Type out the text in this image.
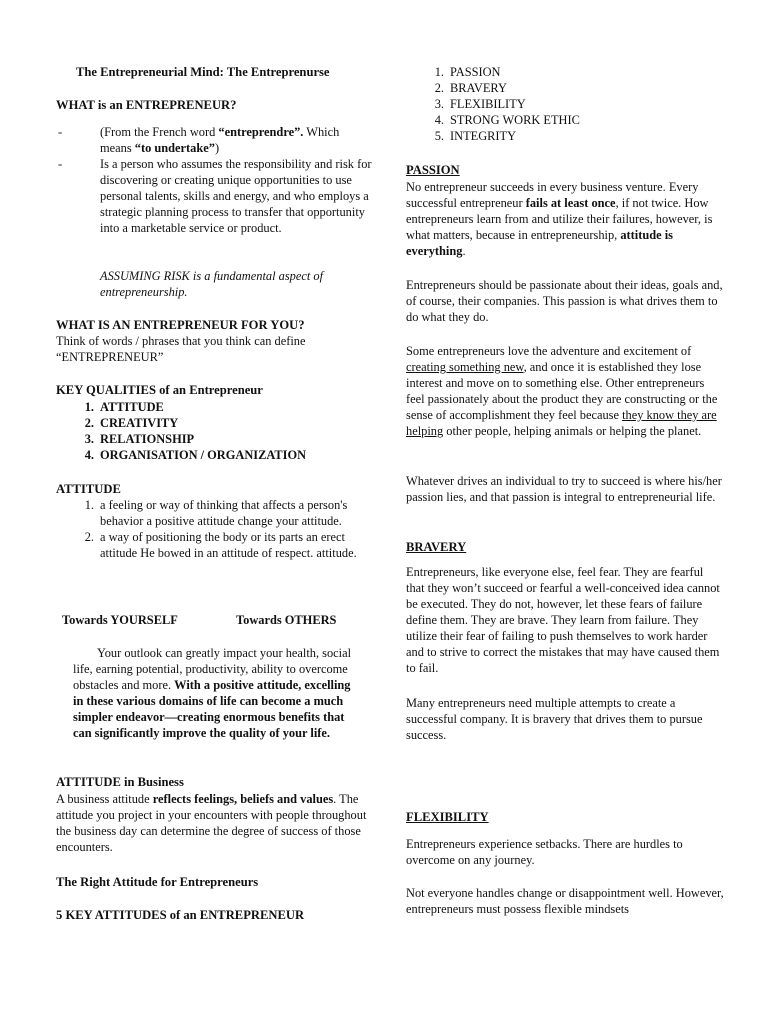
The Entrepreneurial Mind: The Entreprenurse
WHAT is an ENTREPRENEUR?
-	(From the French word “entreprendre”. Which means “to undertake”)
-	Is a person who assumes the responsibility and risk for discovering or creating unique opportunities to use personal talents, skills and energy, and who employs a strategic planning process to transfer that opportunity into a marketable service or product.

ASSUMING RISK is a fundamental aspect of entrepreneurship.

WHAT IS AN ENTREPRENEUR FOR YOU?

Think of words / phrases that you think can define “ENTREPRENEUR”

KEY QUALITIES of an Entrepreneur
1. ATTITUDE
2. CREATIVITY
3. RELATIONSHIP
4. ORGANISATION / ORGANIZATION
ATTITUDE
1. a feeling or way of thinking that affects a person's behavior a positive attitude change your attitude.
2. a way of positioning the body or its parts an erect attitude He bowed in an attitude of respect. attitude.
Towards YOURSELF	Towards OTHERS

Your outlook can greatly impact your health, social life, earning potential, productivity, ability to overcome obstacles and more. With a positive attitude, excelling in these various domains of life can become a much simpler endeavor—creating enormous benefits that can significantly improve the quality of your life.

ATTITUDE in Business

A business attitude reflects feelings, beliefs and values. The attitude you project in your encounters with people throughout the business day can determine the degree of success of those encounters.

The Right Attitude for Entrepreneurs
5 KEY ATTITUDES of an ENTREPRENEUR
1. PASSION
2. BRAVERY
3. FLEXIBILITY
4. STRONG WORK ETHIC
5. INTEGRITY
PASSION

No entrepreneur succeeds in every business venture. Every successful entrepreneur fails at least once, if not twice. How entrepreneurs learn from and utilize their failures, however, is what matters, because in entrepreneurship, attitude is everything.

Entrepreneurs should be passionate about their ideas, goals and, of course, their companies. This passion is what drives them to do what they do.

Some entrepreneurs love the adventure and excitement of creating something new, and once it is established they lose interest and move on to something else. Other entrepreneurs feel passionately about the product they are constructing or the sense of accomplishment they feel because they know they are helping other people, helping animals or helping the planet.

Whatever drives an individual to try to succeed is where his/her passion lies, and that passion is integral to entrepreneurial life.

BRAVERY

Entrepreneurs, like everyone else, feel fear. They are fearful that they won’t succeed or fearful a well-conceived idea cannot be executed. They do not, however, let these fears of failure define them. They are brave. They learn from failure. They utilize their fear of failing to push themselves to work harder and to strive to correct the mistakes that may have caused them to fail.

Many entrepreneurs need multiple attempts to create a successful company. It is bravery that drives them to pursue success.

FLEXIBILITY

Entrepreneurs experience setbacks. There are hurdles to overcome on any journey.

Not everyone handles change or disappointment well. However, entrepreneurs must possess flexible mindsets
